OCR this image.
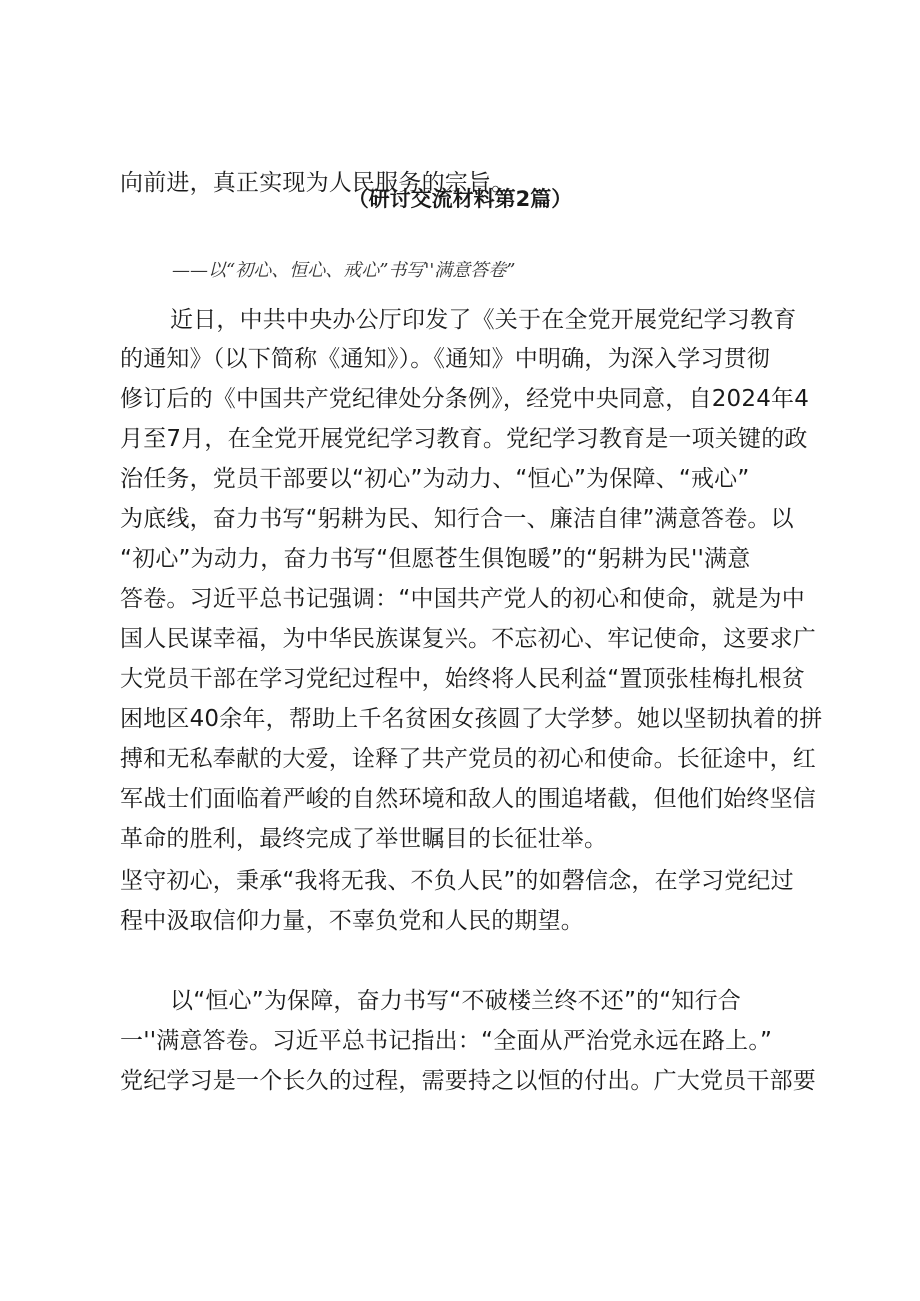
向前进，真正实现为人民服务的宗旨。
（研讨交流材料第2篇）
——以“初心、恒心、戒心”书写''满意答卷”
近日，中共中央办公厅印发了《关于在全党开展党纪学习教育
的通知》（以下简称《通知》）。《通知》中明确，为深入学习贯彻
修订后的《中国共产党纪律处分条例》，经党中央同意，自2024年4
月至7月，在全党开展党纪学习教育。党纪学习教育是一项关键的政
治任务，党员干部要以“初心”为动力、“恒心”为保障、“戒心”
为底线，奋力书写“躬耕为民、知行合一、廉洁自律”满意答卷。以
“初心”为动力，奋力书写“但愿苍生俱饱暖”的“躬耕为民''满意
答卷。习近平总书记强调：“中国共产党人的初心和使命，就是为中
国人民谋幸福，为中华民族谋复兴。不忘初心、牢记使命，这要求广
大党员干部在学习党纪过程中，始终将人民利益“置顶张桂梅扎根贫
困地区40余年，帮助上千名贫困女孩圆了大学梦。她以坚韧执着的拼
搏和无私奉献的大爱，诠释了共产党员的初心和使命。长征途中，红
军战士们面临着严峻的自然环境和敌人的围追堵截，但他们始终坚信
革命的胜利，最终完成了举世瞩目的长征壮举。
坚守初心，秉承“我将无我、不负人民”的如磬信念，在学习党纪过
程中汲取信仰力量，不辜负党和人民的期望。
以“恒心”为保障，奋力书写“不破楼兰终不还”的“知行合
一''满意答卷。习近平总书记指出：“全面从严治党永远在路上。”
党纪学习是一个长久的过程，需要持之以恒的付出。广大党员干部要
